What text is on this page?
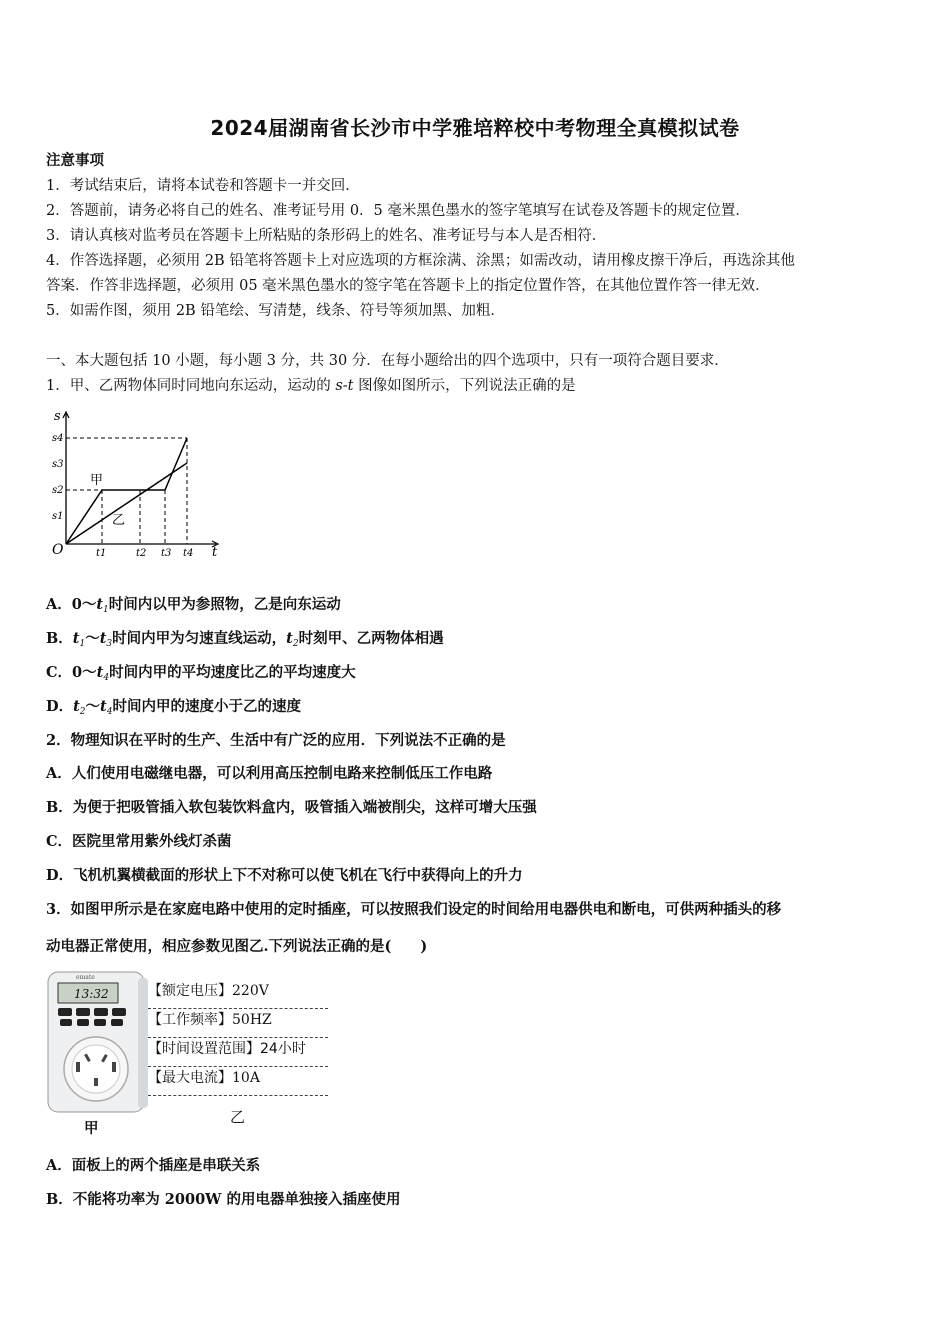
2024届湖南省长沙市中学雅培粹校中考物理全真模拟试卷
注意事项
1．考试结束后，请将本试卷和答题卡一并交回．
2．答题前，请务必将自己的姓名、准考证号用 0．5 毫米黑色墨水的签字笔填写在试卷及答题卡的规定位置．
3．请认真核对监考员在答题卡上所粘贴的条形码上的姓名、准考证号与本人是否相符．
4．作答选择题，必须用 2B 铅笔将答题卡上对应选项的方框涂满、涂黑；如需改动，请用橡皮擦干净后，再选涂其他
答案．作答非选择题，必须用 05 毫米黑色墨水的签字笔在答题卡上的指定位置作答，在其他位置作答一律无效．
5．如需作图，须用 2B 铅笔绘、写清楚，线条、符号等须加黑、加粗．
一、本大题包括 10 小题，每小题 3 分，共 30 分．在每小题给出的四个选项中，只有一项符合题目要求．
1．甲、乙两物体同时同地向东运动，运动的 s-t 图像如图所示，下列说法正确的是
s
t
O
s1
s2
s3
s4
t1	t2 t3 t4
甲
乙
A．$0\sim t_1$时间内以甲为参照物，乙是向东运动
B．$t_1\sim t_3$时间内甲为匀速直线运动，$t_2$时刻甲、乙两物体相遇
C．$0\sim t_4$时间内甲的平均速度比乙的平均速度大
D．$t_2\sim t_4$时间内甲的速度小于乙的速度
2．物理知识在平时的生产、生活中有广泛的应用．下列说法不正确的是
A．人们使用电磁继电器，可以利用高压控制电路来控制低压工作电路
B．为便于把吸管插入软包装饮料盒内，吸管插入端被削尖，这样可增大压强
C．医院里常用紫外线灯杀菌
D．飞机机翼横截面的形状上下不对称可以使飞机在飞行中获得向上的升力
3．如图甲所示是在家庭电路中使用的定时插座，可以按照我们设定的时间给用电器供电和断电，可供两种插头的移
动电器正常使用，相应参数见图乙.下列说法正确的是(　　)
emate
13:32
甲
【额定电压】220V
【工作频率】50HZ
【时间设置范围】24小时
【最大电流】10A
乙
A．面板上的两个插座是串联关系
B．不能将功率为 2000W 的用电器单独接入插座使用
